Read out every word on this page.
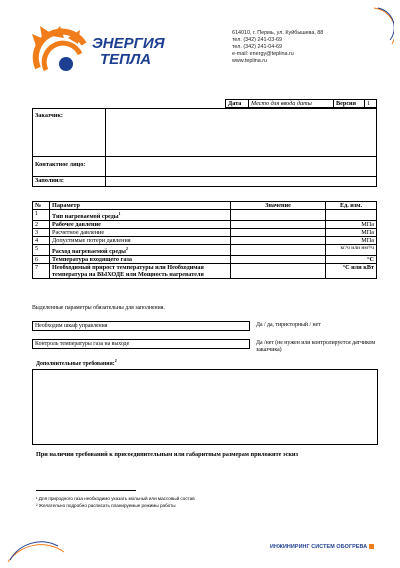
ЭНЕРГИЯ
ТЕПЛА
614010, г. Пермь, ул. Куйбышева, 88
тел. (342) 241-03-69
тел. (342) 241-04-69
e-mail: energy@teplina.ru
www.teplina.ru
Дата	Место для ввода даты	Версия	1
Заказчик:	
Контактное лицо:	
Заполнил:	
№	Параметр	Значение	Ед. изм.
1	Тип нагреваемой среды$^1$		
2	Рабочее давление		МПа
3	Расчетное давление		МПа
4	Допустимые потери давления		МПа
5	Расход нагреваемой среды$^2$		кг/ч или нм³/ч
6	Температура входящего газа		°С
7	Необходимый прирост температуры или Необходимая температура на ВЫХОДЕ или Мощность нагревателя		°С или кВт
Выделенные параметры обязательны для заполнения.
Необходим шкаф управления	Да / да, тиристорный / нет
Контроль температуры газа на выходе	Да /нет (не нужен или контролируется датчиком заказчика)
Дополнительные требования:$^2$
При наличии требований к присоединительным или габаритным размерам приложите эскиз
¹ Для природного газа необходимо указать мольный или массовый состав
² Желательно подробно расписать планируемые режимы работы
ИНЖИНИРИНГ СИСТЕМ ОБОГРЕВА
